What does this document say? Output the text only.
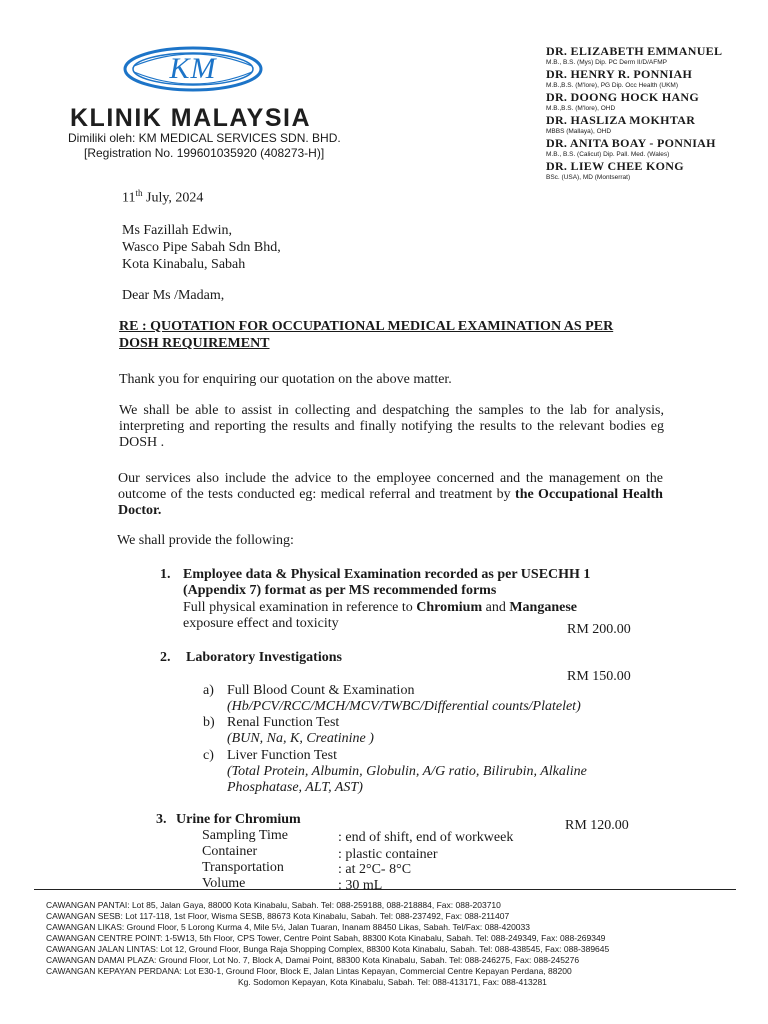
KM
KLINIK MALAYSIA
Dimiliki oleh: KM MEDICAL SERVICES SDN. BHD.
[Registration No. 199601035920 (408273-H)]
DR. ELIZABETH EMMANUEL
M.B., B.S. (Mys) Dip. PC Derm II/D/AFMP
DR. HENRY R. PONNIAH
M.B.,B.S. (M'lore), PG Dip. Occ Health (UKM)
DR. DOONG HOCK HANG
M.B.,B.S. (M'lore), OHD
DR. HASLIZA MOKHTAR
MBBS (Mallaya), OHD
DR. ANITA BOAY - PONNIAH
M.B., B.S. (Calicut) Dip. Pall. Med. (Wales)
DR. LIEW CHEE KONG
BSc. (USA), MD (Montserrat)
11th July, 2024
Ms Fazillah Edwin,
Wasco Pipe Sabah Sdn Bhd,
Kota Kinabalu, Sabah
Dear Ms /Madam,
RE : QUOTATION FOR OCCUPATIONAL MEDICAL EXAMINATION AS PER
DOSH REQUIREMENT
Thank you for enquiring our quotation on the above matter.
We shall be able to assist in collecting and despatching the samples to the lab for analysis, interpreting and reporting the results and finally notifying the results to the relevant bodies eg DOSH .
Our services also include the advice to the employee concerned and the management on the outcome of the tests conducted eg: medical referral and treatment by the Occupational Health Doctor.
We shall provide the following:
1. Employee data & Physical Examination recorded as per USECHH 1
(Appendix 7) format as per MS recommended forms
Full physical examination in reference to Chromium and Manganese
exposure effect and toxicity	RM 200.00
2. Laboratory Investigations
RM 150.00
a) Full Blood Count & Examination
(Hb/PCV/RCC/MCH/MCV/TWBC/Differential counts/Platelet)
b) Renal Function Test
(BUN, Na, K, Creatinine )
c) Liver Function Test
(Total Protein, Albumin, Globulin, A/G ratio, Bilirubin, Alkaline
Phosphatase, ALT, AST)
3. Urine for Chromium	RM 120.00
Sampling Time	: end of shift, end of workweek
Container	: plastic container
Transportation	: at 2°C- 8°C
Volume	: 30 mL
CAWANGAN PANTAI: Lot 85, Jalan Gaya, 88000 Kota Kinabalu, Sabah. Tel: 088-259188, 088-218884, Fax: 088-203710
CAWANGAN SESB: Lot 117-118, 1st Floor, Wisma SESB, 88673 Kota Kinabalu, Sabah. Tel: 088-237492, Fax: 088-211407
CAWANGAN LIKAS: Ground Floor, 5 Lorong Kurma 4, Mile 5½, Jalan Tuaran, Inanam 88450 Likas, Sabah. Tel/Fax: 088-420033
CAWANGAN CENTRE POINT: 1-5W13, 5th Floor, CPS Tower, Centre Point Sabah, 88300 Kota Kinabalu, Sabah. Tel: 088-249349, Fax: 088-269349
CAWANGAN JALAN LINTAS: Lot 12, Ground Floor, Bunga Raja Shopping Complex, 88300 Kota Kinabalu, Sabah. Tel: 088-438545, Fax: 088-389645
CAWANGAN DAMAI PLAZA: Ground Floor, Lot No. 7, Block A, Damai Point, 88300 Kota Kinabalu, Sabah. Tel: 088-246275, Fax: 088-245276
CAWANGAN KEPAYAN PERDANA: Lot E30-1, Ground Floor, Block E, Jalan Lintas Kepayan, Commercial Centre Kepayan Perdana, 88200
Kg. Sodomon Kepayan, Kota Kinabalu, Sabah. Tel: 088-413171, Fax: 088-413281
